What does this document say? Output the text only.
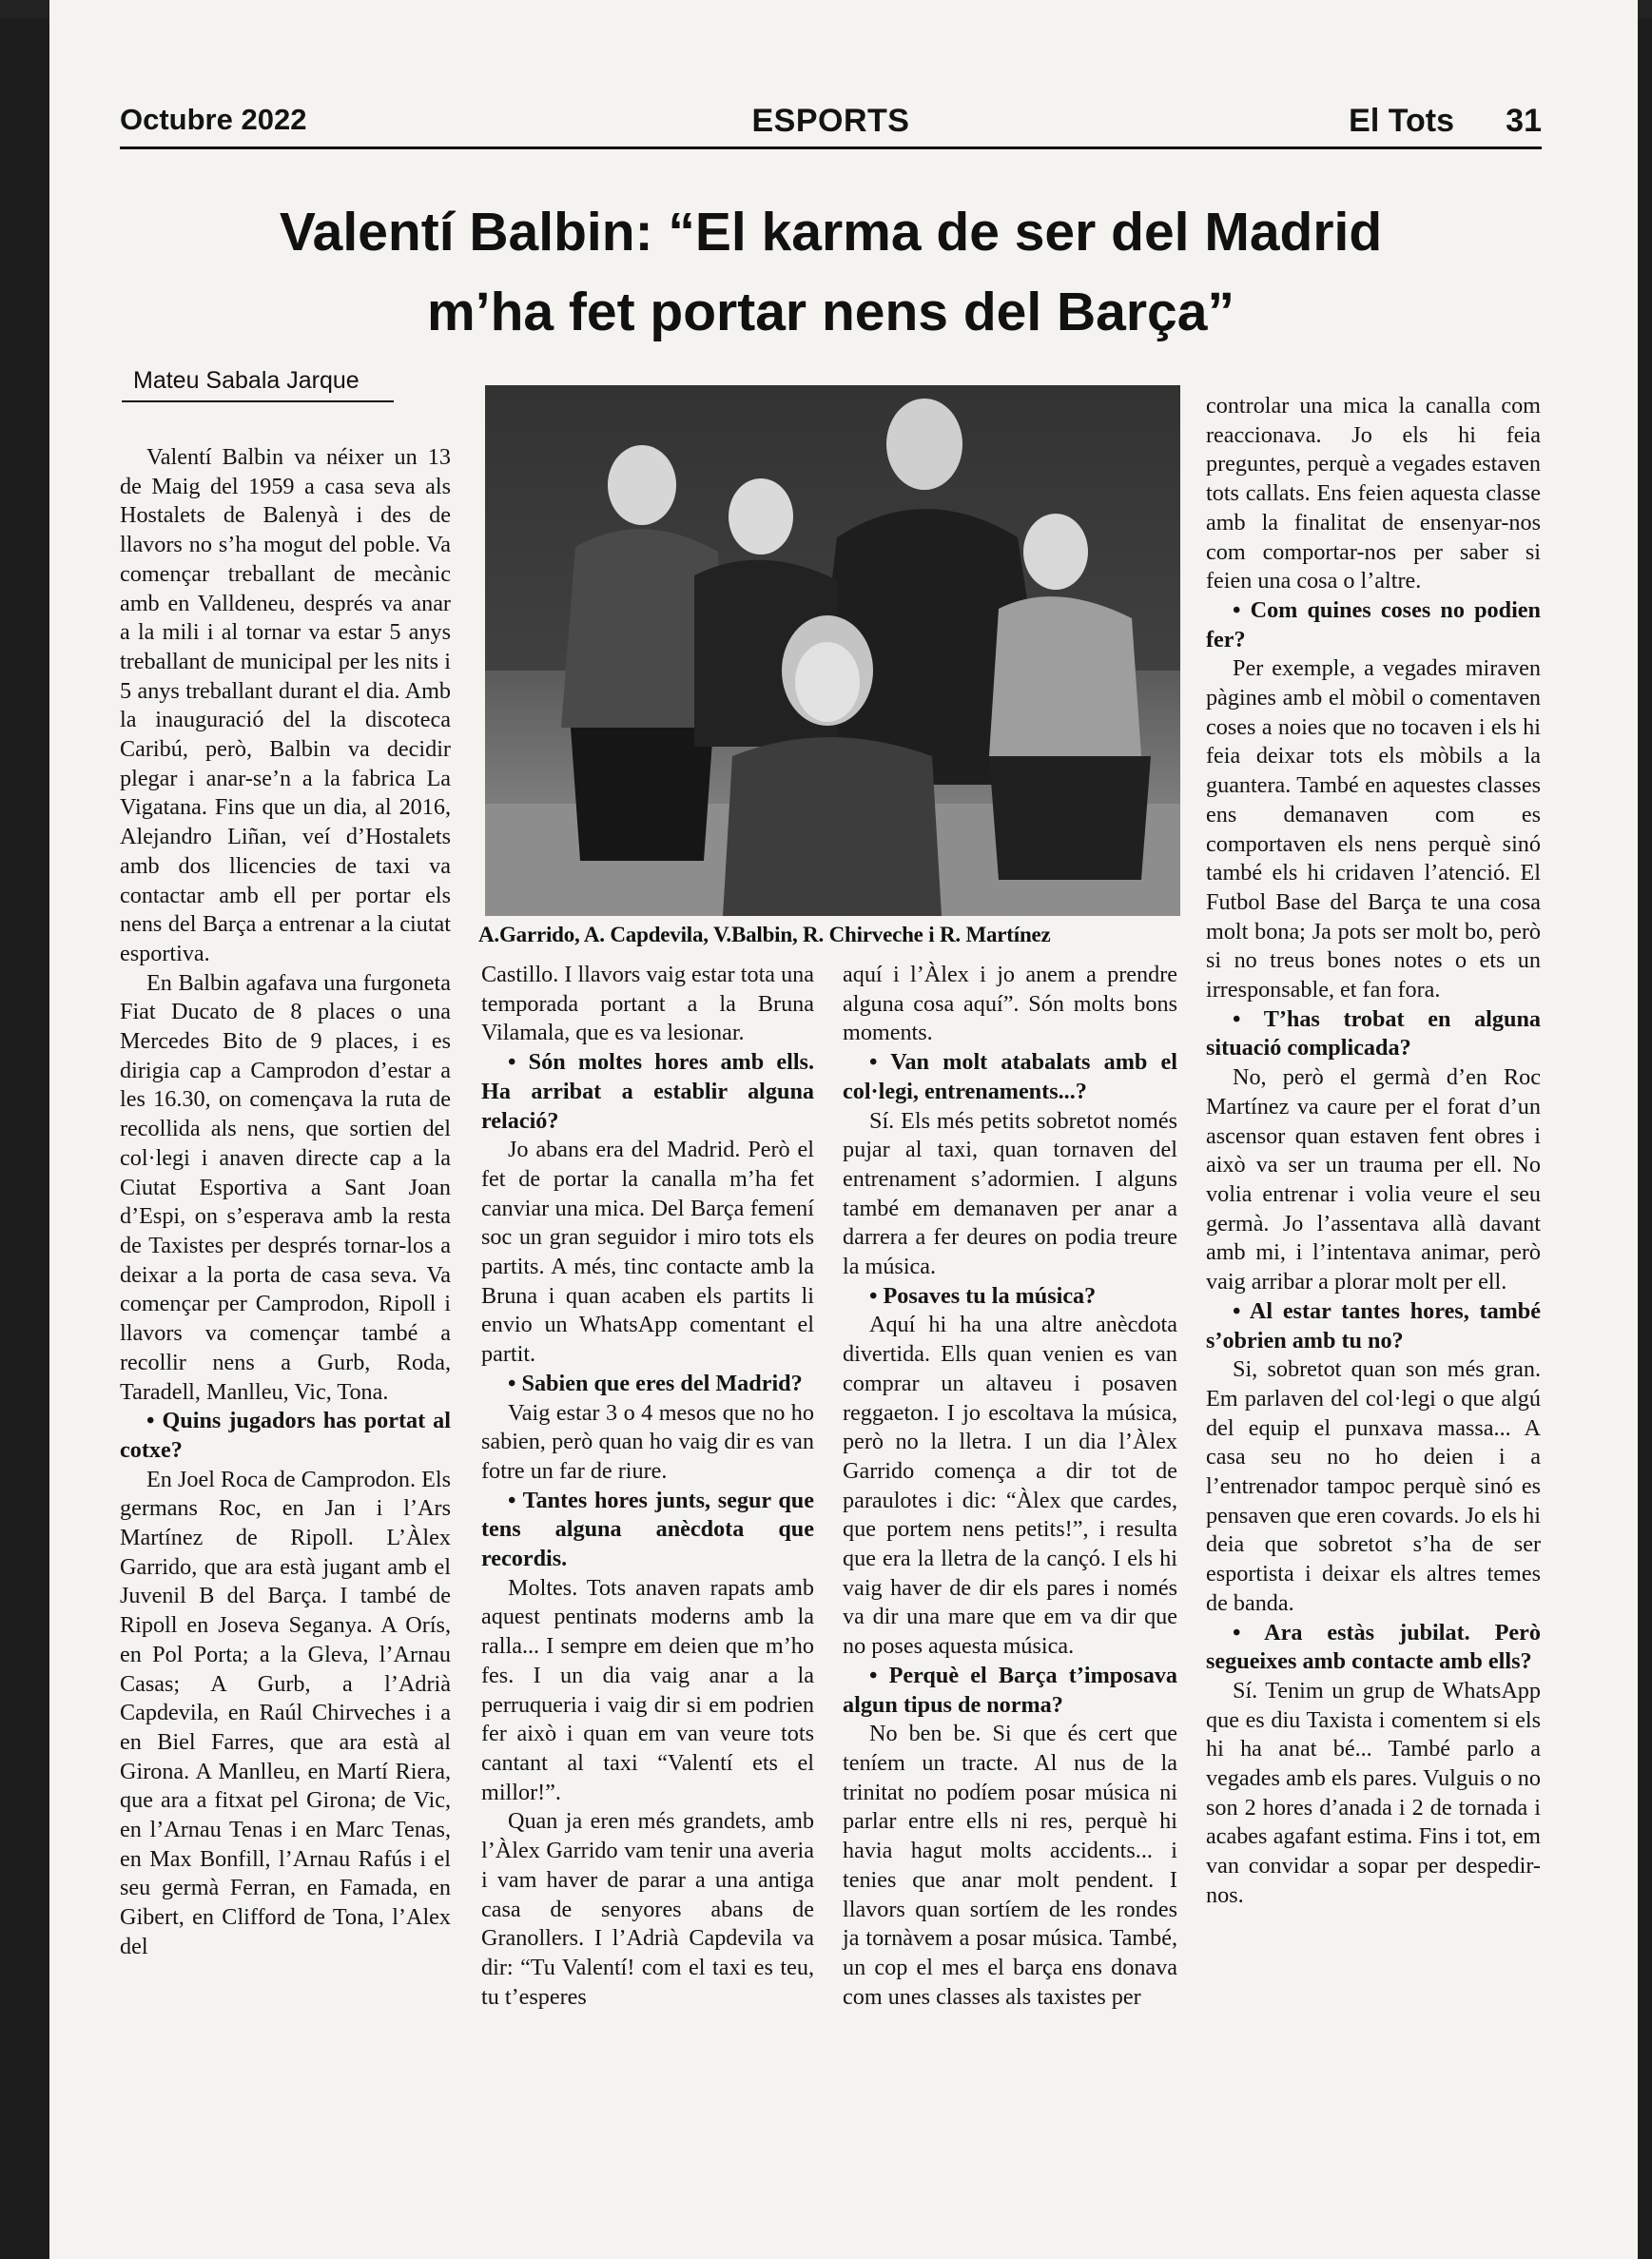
Octubre 2022	ESPORTS	El Tots 31
Valentí Balbin: “El karma de ser del Madrid
m’ha fet portar nens del Barça”
Mateu Sabala Jarque
A.Garrido, A. Capdevila, V.Balbin, R. Chirveche i R. Martínez

Valentí Balbin va néixer un 13 de Maig del 1959 a casa seva als Hostalets de Balenyà i des de llavors no s’ha mogut del poble. Va començar treballant de mecànic amb en Valldeneu, després va anar a la mili i al tornar va estar 5 anys treballant de municipal per les nits i 5 anys treballant durant el dia. Amb la inauguració del la discoteca Caribú, però, Balbin va decidir plegar i anar-se’n a la fabrica La Vigatana. Fins que un dia, al 2016, Alejandro Liñan, veí d’Hostalets amb dos llicencies de taxi va contactar amb ell per portar els nens del Barça a entrenar a la ciutat esportiva.

En Balbin agafava una furgoneta Fiat Ducato de 8 places o una Mercedes Bito de 9 places, i es dirigia cap a Camprodon d’estar a les 16.30, on començava la ruta de recollida als nens, que sortien del col·legi i anaven directe cap a la Ciutat Esportiva a Sant Joan d’Espi, on s’esperava amb la resta de Taxistes per després tornar-los a deixar a la porta de casa seva. Va començar per Camprodon, Ripoll i llavors va començar també a recollir nens a Gurb, Roda, Taradell, Manlleu, Vic, Tona.

• Quins jugadors has portat al cotxe?

En Joel Roca de Camprodon. Els germans Roc, en Jan i l’Ars Martínez de Ripoll. L’Àlex Garrido, que ara està jugant amb el Juvenil B del Barça. I també de Ripoll en Joseva Seganya. A Orís, en Pol Porta; a la Gleva, l’Arnau Casas; A Gurb, a l’Adrià Capdevila, en Raúl Chirveches i a en Biel Farres, que ara està al Girona. A Manlleu, en Martí Riera, que ara a fitxat pel Girona; de Vic, en l’Arnau Tenas i en Marc Tenas, en Max Bonfill, l’Arnau Rafús i el seu germà Ferran, en Famada, en Gibert, en Clifford de Tona, l’Alex del

Castillo. I llavors vaig estar tota una temporada portant a la Bruna Vilamala, que es va lesionar.

• Són moltes hores amb ells. Ha arribat a establir alguna relació?

Jo abans era del Madrid. Però el fet de portar la canalla m’ha fet canviar una mica. Del Barça femení soc un gran seguidor i miro tots els partits. A més, tinc contacte amb la Bruna i quan acaben els partits li envio un WhatsApp comentant el partit.

• Sabien que eres del Madrid?

Vaig estar 3 o 4 mesos que no ho sabien, però quan ho vaig dir es van fotre un far de riure.

• Tantes hores junts, segur que tens alguna anècdota que recordis.

Moltes. Tots anaven rapats amb aquest pentinats moderns amb la ralla... I sempre em deien que m’ho fes. I un dia vaig anar a la perruqueria i vaig dir si em podrien fer això i quan em van veure tots cantant al taxi “Valentí ets el millor!”.

Quan ja eren més grandets, amb l’Àlex Garrido vam tenir una averia i vam haver de parar a una antiga casa de senyores abans de Granollers. I l’Adrià Capdevila va dir: “Tu Valentí! com el taxi es teu, tu t’esperes

aquí i l’Àlex i jo anem a prendre alguna cosa aquí”. Són molts bons moments.

• Van molt atabalats amb el col·legi, entrenaments...?

Sí. Els més petits sobretot només pujar al taxi, quan tornaven del entrenament s’adormien. I alguns també em demanaven per anar a darrera a fer deures on podia treure la música.

• Posaves tu la música?

Aquí hi ha una altre anècdota divertida. Ells quan venien es van comprar un altaveu i posaven reggaeton. I jo escoltava la música, però no la lletra. I un dia l’Àlex Garrido comença a dir tot de paraulotes i dic: “Àlex que cardes, que portem nens petits!”, i resulta que era la lletra de la cançó. I els hi vaig haver de dir els pares i només va dir una mare que em va dir que no poses aquesta música.

• Perquè el Barça t’imposava algun tipus de norma?

No ben be. Si que és cert que teníem un tracte. Al nus de la trinitat no podíem posar música ni parlar entre ells ni res, perquè hi havia hagut molts accidents... i tenies que anar molt pendent. I llavors quan sortíem de les rondes ja tornàvem a posar música. També, un cop el mes el barça ens donava com unes classes als taxistes per

controlar una mica la canalla com reaccionava. Jo els hi feia preguntes, perquè a vegades estaven tots callats. Ens feien aquesta classe amb la finalitat de ensenyar-nos com comportar-nos per saber si feien una cosa o l’altre.

• Com quines coses no podien fer?

Per exemple, a vegades miraven pàgines amb el mòbil o comentaven coses a noies que no tocaven i els hi feia deixar tots els mòbils a la guantera. També en aquestes classes ens demanaven com es comportaven els nens perquè sinó també els hi cridaven l’atenció. El Futbol Base del Barça te una cosa molt bona; Ja pots ser molt bo, però si no treus bones notes o ets un irresponsable, et fan fora.

• T’has trobat en alguna situació complicada?

No, però el germà d’en Roc Martínez va caure per el forat d’un ascensor quan estaven fent obres i això va ser un trauma per ell. No volia entrenar i volia veure el seu germà. Jo l’assentava allà davant amb mi, i l’intentava animar, però vaig arribar a plorar molt per ell.

• Al estar tantes hores, també s’obrien amb tu no?

Si, sobretot quan son més gran. Em parlaven del col·legi o que algú del equip el punxava massa... A casa seu no ho deien i a l’entrenador tampoc perquè sinó es pensaven que eren covards. Jo els hi deia que sobretot s’ha de ser esportista i deixar els altres temes de banda.

• Ara estàs jubilat. Però segueixes amb contacte amb ells?

Sí. Tenim un grup de WhatsApp que es diu Taxista i comentem si els hi ha anat bé... També parlo a vegades amb els pares. Vulguis o no son 2 hores d’anada i 2 de tornada i acabes agafant estima. Fins i tot, em van convidar a sopar per despedir-nos.
